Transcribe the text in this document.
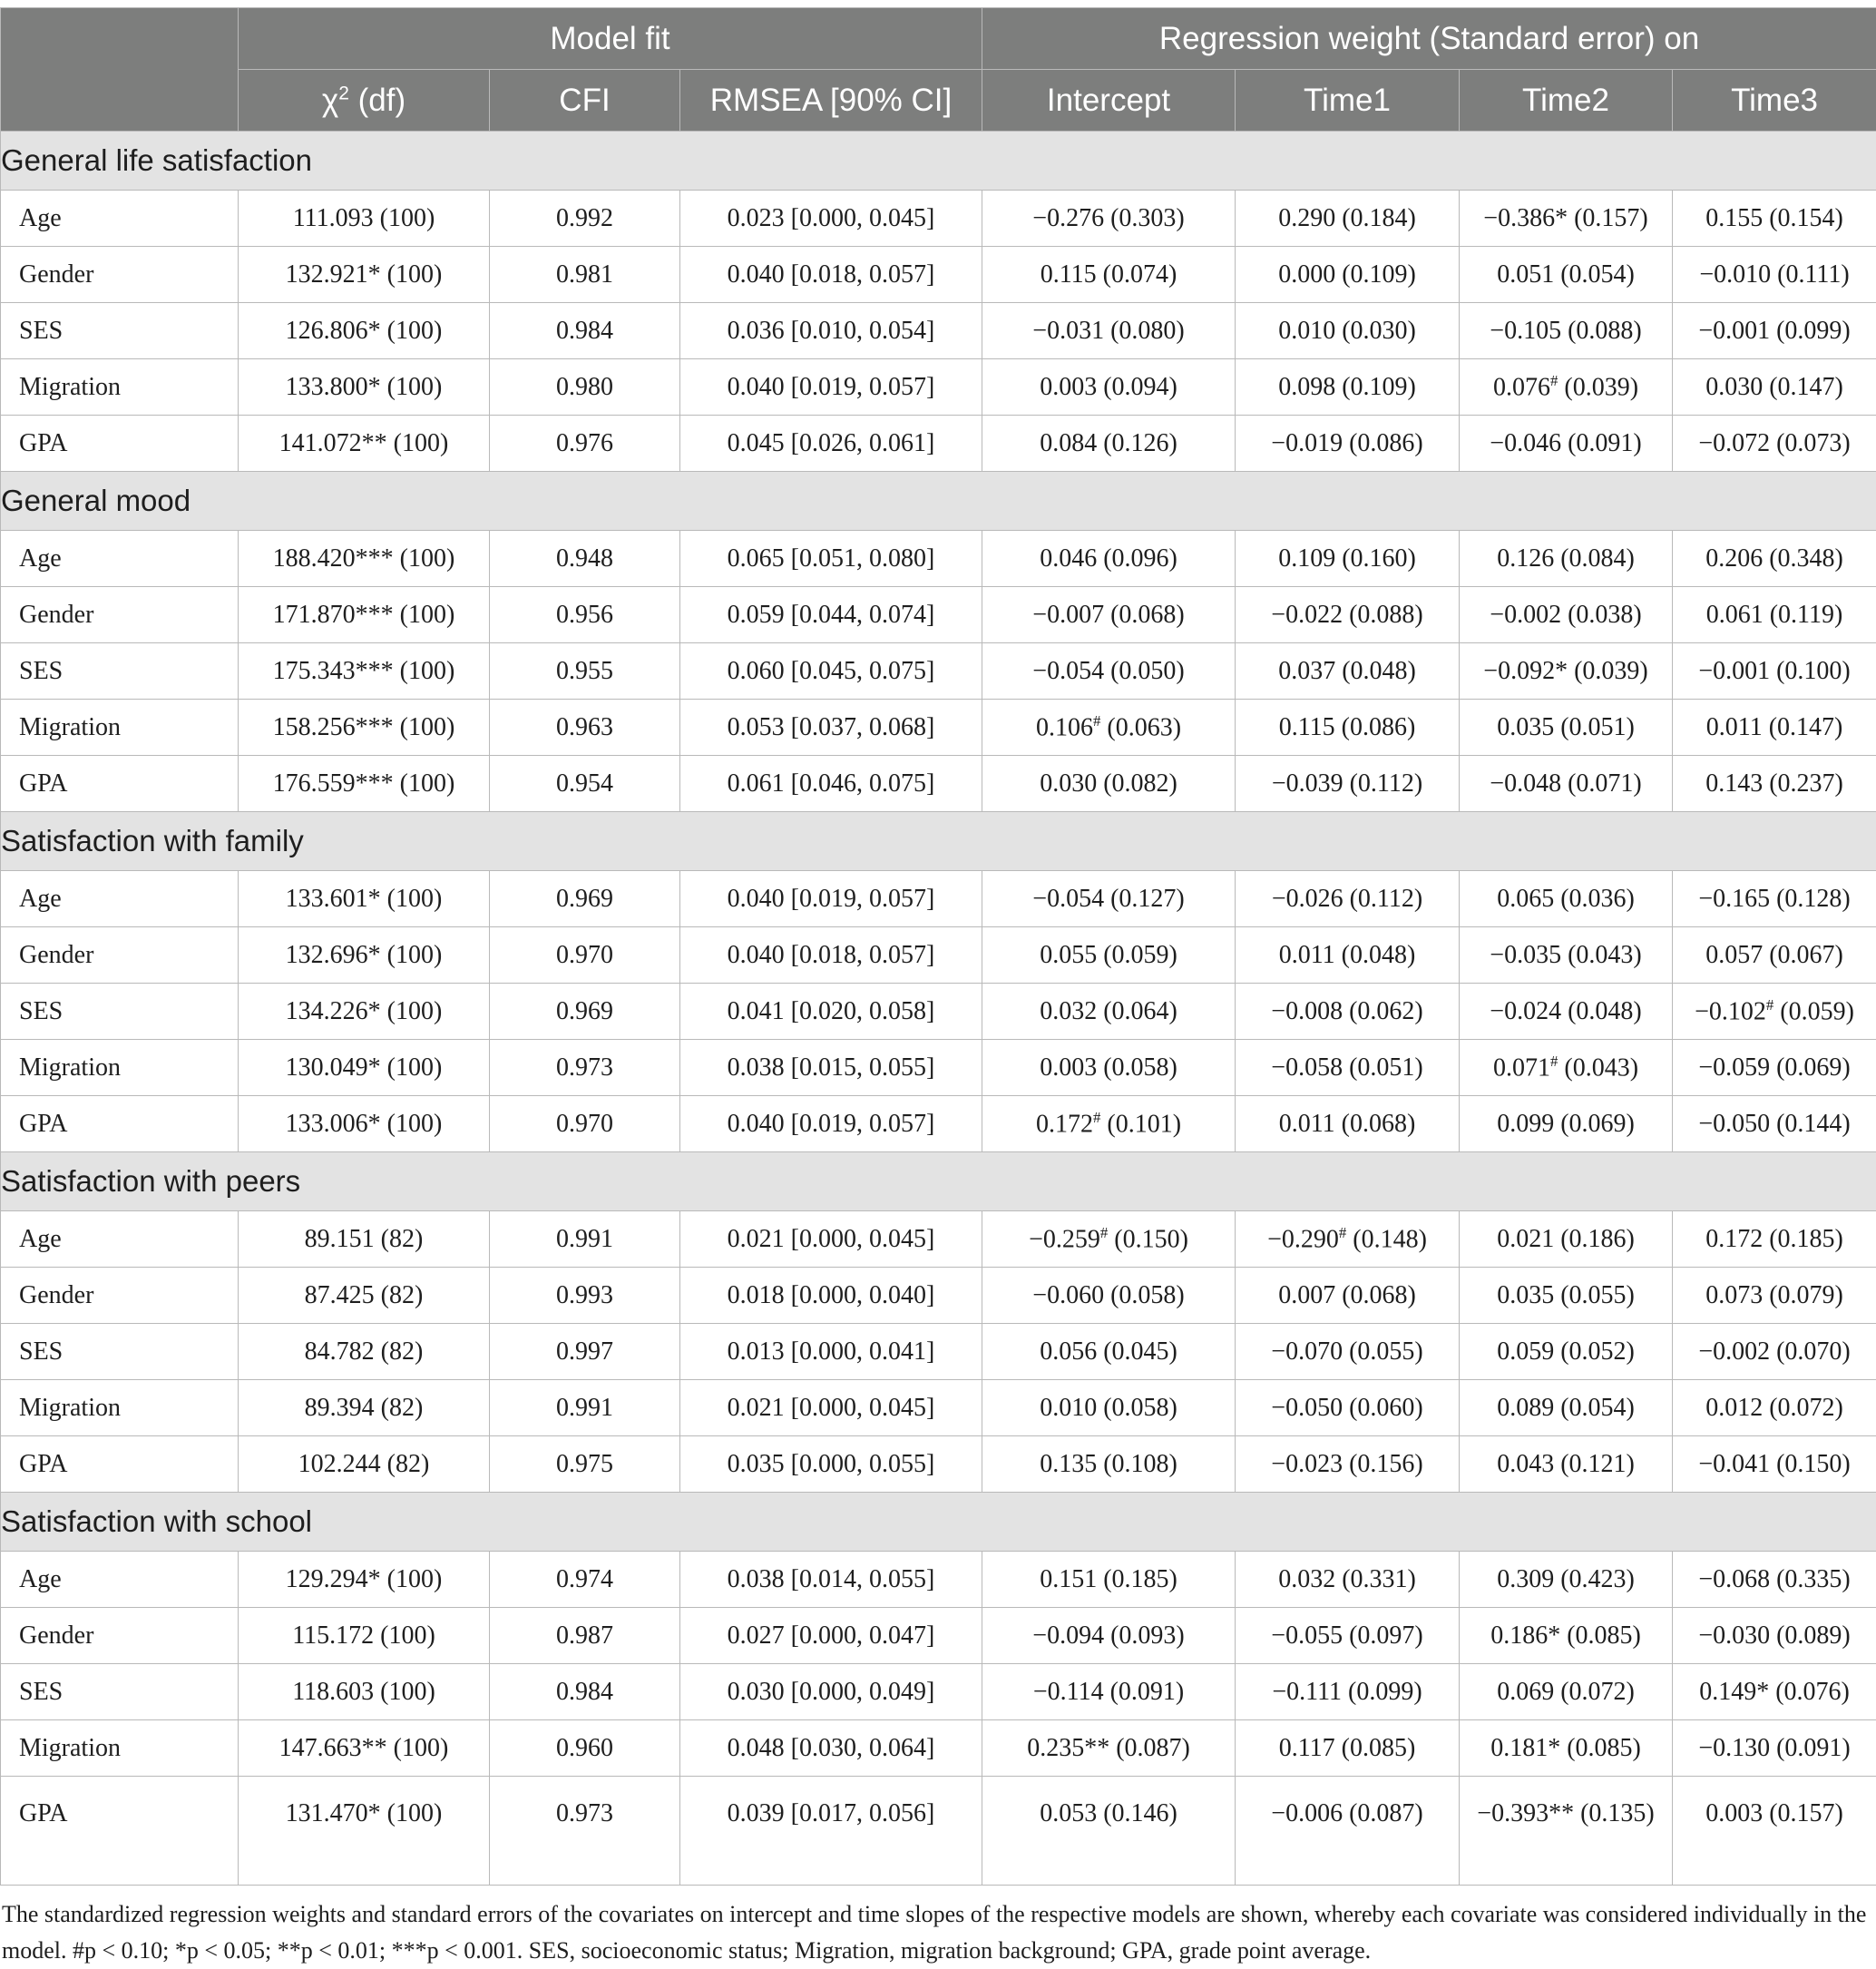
	Model fit			Regression weight (Standard error) on			
	$\chi^2$ (df)	CFI	RMSEA [90% CI]	Intercept	Time1	Time2	Time3
General life satisfaction							
Age	111.093 (100)	0.992	0.023 [0.000, 0.045]	−0.276 (0.303)	0.290 (0.184)	−0.386* (0.157)	0.155 (0.154)
Gender	132.921* (100)	0.981	0.040 [0.018, 0.057]	0.115 (0.074)	0.000 (0.109)	0.051 (0.054)	−0.010 (0.111)
SES	126.806* (100)	0.984	0.036 [0.010, 0.054]	−0.031 (0.080)	0.010 (0.030)	−0.105 (0.088)	−0.001 (0.099)
Migration	133.800* (100)	0.980	0.040 [0.019, 0.057]	0.003 (0.094)	0.098 (0.109)	0.076# (0.039)	0.030 (0.147)
GPA	141.072** (100)	0.976	0.045 [0.026, 0.061]	0.084 (0.126)	−0.019 (0.086)	−0.046 (0.091)	−0.072 (0.073)
General mood							
Age	188.420*** (100)	0.948	0.065 [0.051, 0.080]	0.046 (0.096)	0.109 (0.160)	0.126 (0.084)	0.206 (0.348)
Gender	171.870*** (100)	0.956	0.059 [0.044, 0.074]	−0.007 (0.068)	−0.022 (0.088)	−0.002 (0.038)	0.061 (0.119)
SES	175.343*** (100)	0.955	0.060 [0.045, 0.075]	−0.054 (0.050)	0.037 (0.048)	−0.092* (0.039)	−0.001 (0.100)
Migration	158.256*** (100)	0.963	0.053 [0.037, 0.068]	0.106# (0.063)	0.115 (0.086)	0.035 (0.051)	0.011 (0.147)
GPA	176.559*** (100)	0.954	0.061 [0.046, 0.075]	0.030 (0.082)	−0.039 (0.112)	−0.048 (0.071)	0.143 (0.237)
Satisfaction with family							
Age	133.601* (100)	0.969	0.040 [0.019, 0.057]	−0.054 (0.127)	−0.026 (0.112)	0.065 (0.036)	−0.165 (0.128)
Gender	132.696* (100)	0.970	0.040 [0.018, 0.057]	0.055 (0.059)	0.011 (0.048)	−0.035 (0.043)	0.057 (0.067)
SES	134.226* (100)	0.969	0.041 [0.020, 0.058]	0.032 (0.064)	−0.008 (0.062)	−0.024 (0.048)	−0.102# (0.059)
Migration	130.049* (100)	0.973	0.038 [0.015, 0.055]	0.003 (0.058)	−0.058 (0.051)	0.071# (0.043)	−0.059 (0.069)
GPA	133.006* (100)	0.970	0.040 [0.019, 0.057]	0.172# (0.101)	0.011 (0.068)	0.099 (0.069)	−0.050 (0.144)
Satisfaction with peers							
Age	89.151 (82)	0.991	0.021 [0.000, 0.045]	−0.259# (0.150)	−0.290# (0.148)	0.021 (0.186)	0.172 (0.185)
Gender	87.425 (82)	0.993	0.018 [0.000, 0.040]	−0.060 (0.058)	0.007 (0.068)	0.035 (0.055)	0.073 (0.079)
SES	84.782 (82)	0.997	0.013 [0.000, 0.041]	0.056 (0.045)	−0.070 (0.055)	0.059 (0.052)	−0.002 (0.070)
Migration	89.394 (82)	0.991	0.021 [0.000, 0.045]	0.010 (0.058)	−0.050 (0.060)	0.089 (0.054)	0.012 (0.072)
GPA	102.244 (82)	0.975	0.035 [0.000, 0.055]	0.135 (0.108)	−0.023 (0.156)	0.043 (0.121)	−0.041 (0.150)
Satisfaction with school							
Age	129.294* (100)	0.974	0.038 [0.014, 0.055]	0.151 (0.185)	0.032 (0.331)	0.309 (0.423)	−0.068 (0.335)
Gender	115.172 (100)	0.987	0.027 [0.000, 0.047]	−0.094 (0.093)	−0.055 (0.097)	0.186* (0.085)	−0.030 (0.089)
SES	118.603 (100)	0.984	0.030 [0.000, 0.049]	−0.114 (0.091)	−0.111 (0.099)	0.069 (0.072)	0.149* (0.076)
Migration	147.663** (100)	0.960	0.048 [0.030, 0.064]	0.235** (0.087)	0.117 (0.085)	0.181* (0.085)	−0.130 (0.091)
GPA	131.470* (100)	0.973	0.039 [0.017, 0.056]	0.053 (0.146)	−0.006 (0.087)	−0.393** (0.135)	0.003 (0.157)
The standardized regression weights and standard errors of the covariates on intercept and time slopes of the respective models are shown, whereby each covariate was considered individually in the model. #p < 0.10; *p < 0.05; **p < 0.01; ***p < 0.001. SES, socioeconomic status; Migration, migration background; GPA, grade point average.
